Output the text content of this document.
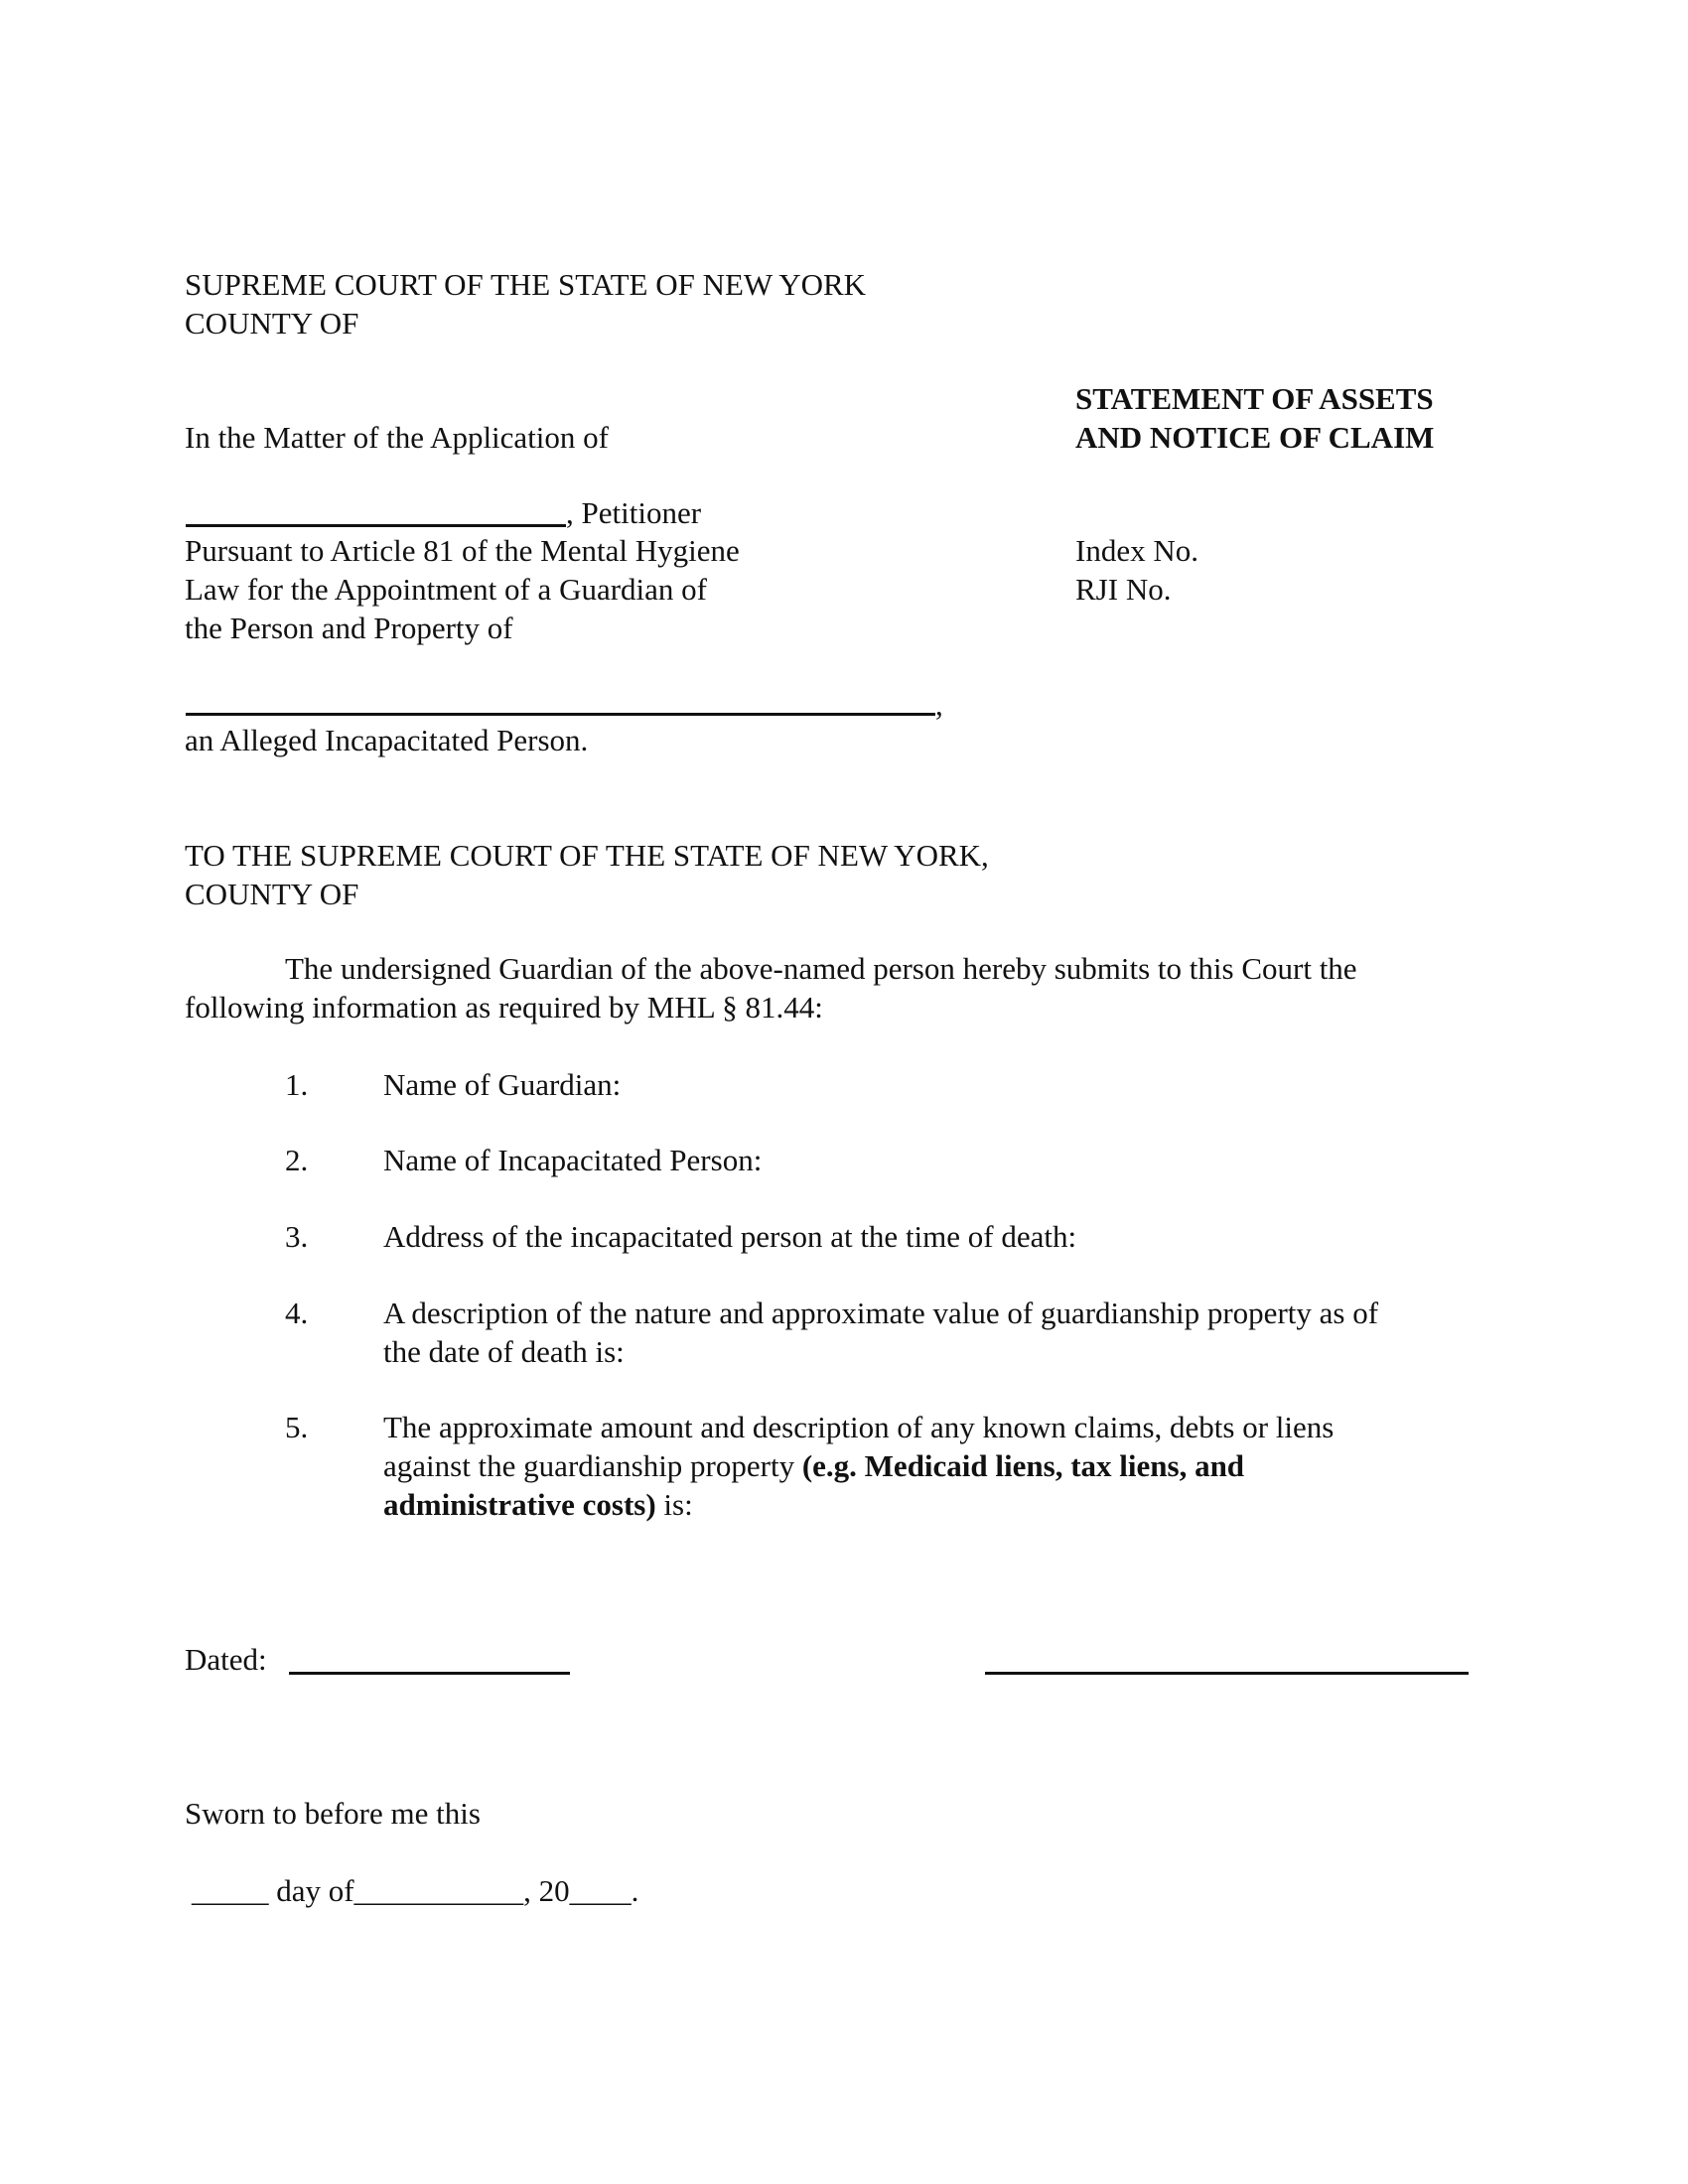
SUPREME COURT OF THE STATE OF NEW YORK
COUNTY OF
STATEMENT OF ASSETS
AND NOTICE OF CLAIM
In the Matter of the Application of
, Petitioner
Pursuant to Article 81 of the Mental Hygiene
Law for the Appointment of a Guardian of
the Person and Property of
,
an Alleged Incapacitated Person.
Index No.
RJI No.
TO THE SUPREME COURT OF THE STATE OF NEW YORK,
COUNTY OF
The undersigned Guardian of the above-named person hereby submits to this Court the
following information as required by MHL § 81.44:
1. Name of Guardian:
2. Name of Incapacitated Person:
3. Address of the incapacitated person at the time of death:
4. A description of the nature and approximate value of guardianship property as of
the date of death is:
5. The approximate amount and description of any known claims, debts or liens
against the guardianship property (e.g. Medicaid liens, tax liens, and
administrative costs) is:
Dated:
Sworn to before me this
_____ day of___________, 20____.
